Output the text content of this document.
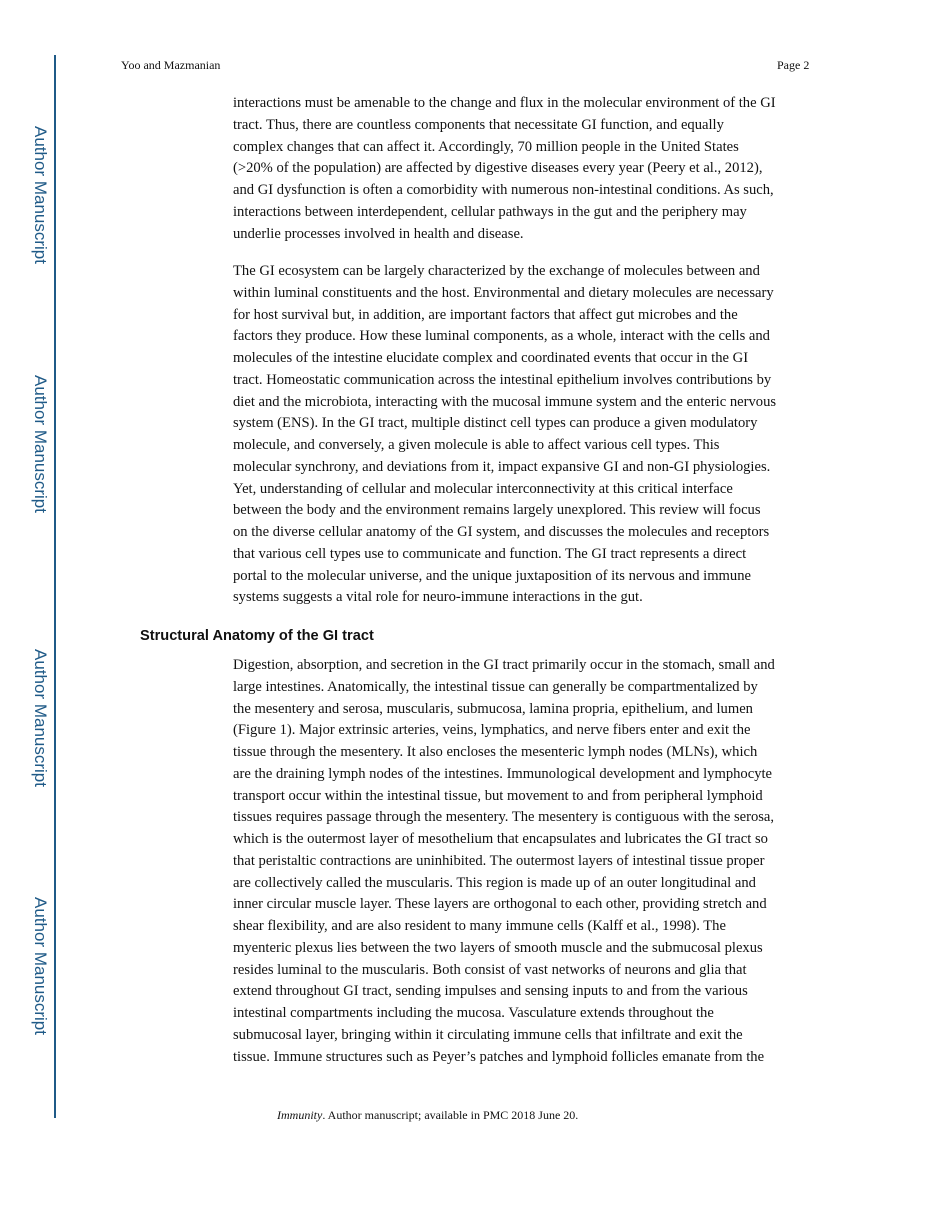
Author Manuscript
Author Manuscript
Author Manuscript
Author Manuscript
Yoo and Mazmanian	Page 2
interactions must be amenable to the change and flux in the molecular environment of the GI
tract. Thus, there are countless components that necessitate GI function, and equally
complex changes that can affect it. Accordingly, 70 million people in the United States
(>20% of the population) are affected by digestive diseases every year (Peery et al., 2012),
and GI dysfunction is often a comorbidity with numerous non-intestinal conditions. As such,
interactions between interdependent, cellular pathways in the gut and the periphery may
underlie processes involved in health and disease.
The GI ecosystem can be largely characterized by the exchange of molecules between and
within luminal constituents and the host. Environmental and dietary molecules are necessary
for host survival but, in addition, are important factors that affect gut microbes and the
factors they produce. How these luminal components, as a whole, interact with the cells and
molecules of the intestine elucidate complex and coordinated events that occur in the GI
tract. Homeostatic communication across the intestinal epithelium involves contributions by
diet and the microbiota, interacting with the mucosal immune system and the enteric nervous
system (ENS). In the GI tract, multiple distinct cell types can produce a given modulatory
molecule, and conversely, a given molecule is able to affect various cell types. This
molecular synchrony, and deviations from it, impact expansive GI and non-GI physiologies.
Yet, understanding of cellular and molecular interconnectivity at this critical interface
between the body and the environment remains largely unexplored. This review will focus
on the diverse cellular anatomy of the GI system, and discusses the molecules and receptors
that various cell types use to communicate and function. The GI tract represents a direct
portal to the molecular universe, and the unique juxtaposition of its nervous and immune
systems suggests a vital role for neuro-immune interactions in the gut.
Structural Anatomy of the GI tract
Digestion, absorption, and secretion in the GI tract primarily occur in the stomach, small and
large intestines. Anatomically, the intestinal tissue can generally be compartmentalized by
the mesentery and serosa, muscularis, submucosa, lamina propria, epithelium, and lumen
(Figure 1). Major extrinsic arteries, veins, lymphatics, and nerve fibers enter and exit the
tissue through the mesentery. It also encloses the mesenteric lymph nodes (MLNs), which
are the draining lymph nodes of the intestines. Immunological development and lymphocyte
transport occur within the intestinal tissue, but movement to and from peripheral lymphoid
tissues requires passage through the mesentery. The mesentery is contiguous with the serosa,
which is the outermost layer of mesothelium that encapsulates and lubricates the GI tract so
that peristaltic contractions are uninhibited. The outermost layers of intestinal tissue proper
are collectively called the muscularis. This region is made up of an outer longitudinal and
inner circular muscle layer. These layers are orthogonal to each other, providing stretch and
shear flexibility, and are also resident to many immune cells (Kalff et al., 1998). The
myenteric plexus lies between the two layers of smooth muscle and the submucosal plexus
resides luminal to the muscularis. Both consist of vast networks of neurons and glia that
extend throughout GI tract, sending impulses and sensing inputs to and from the various
intestinal compartments including the mucosa. Vasculature extends throughout the
submucosal layer, bringing within it circulating immune cells that infiltrate and exit the
tissue. Immune structures such as Peyer’s patches and lymphoid follicles emanate from the
Immunity. Author manuscript; available in PMC 2018 June 20.
